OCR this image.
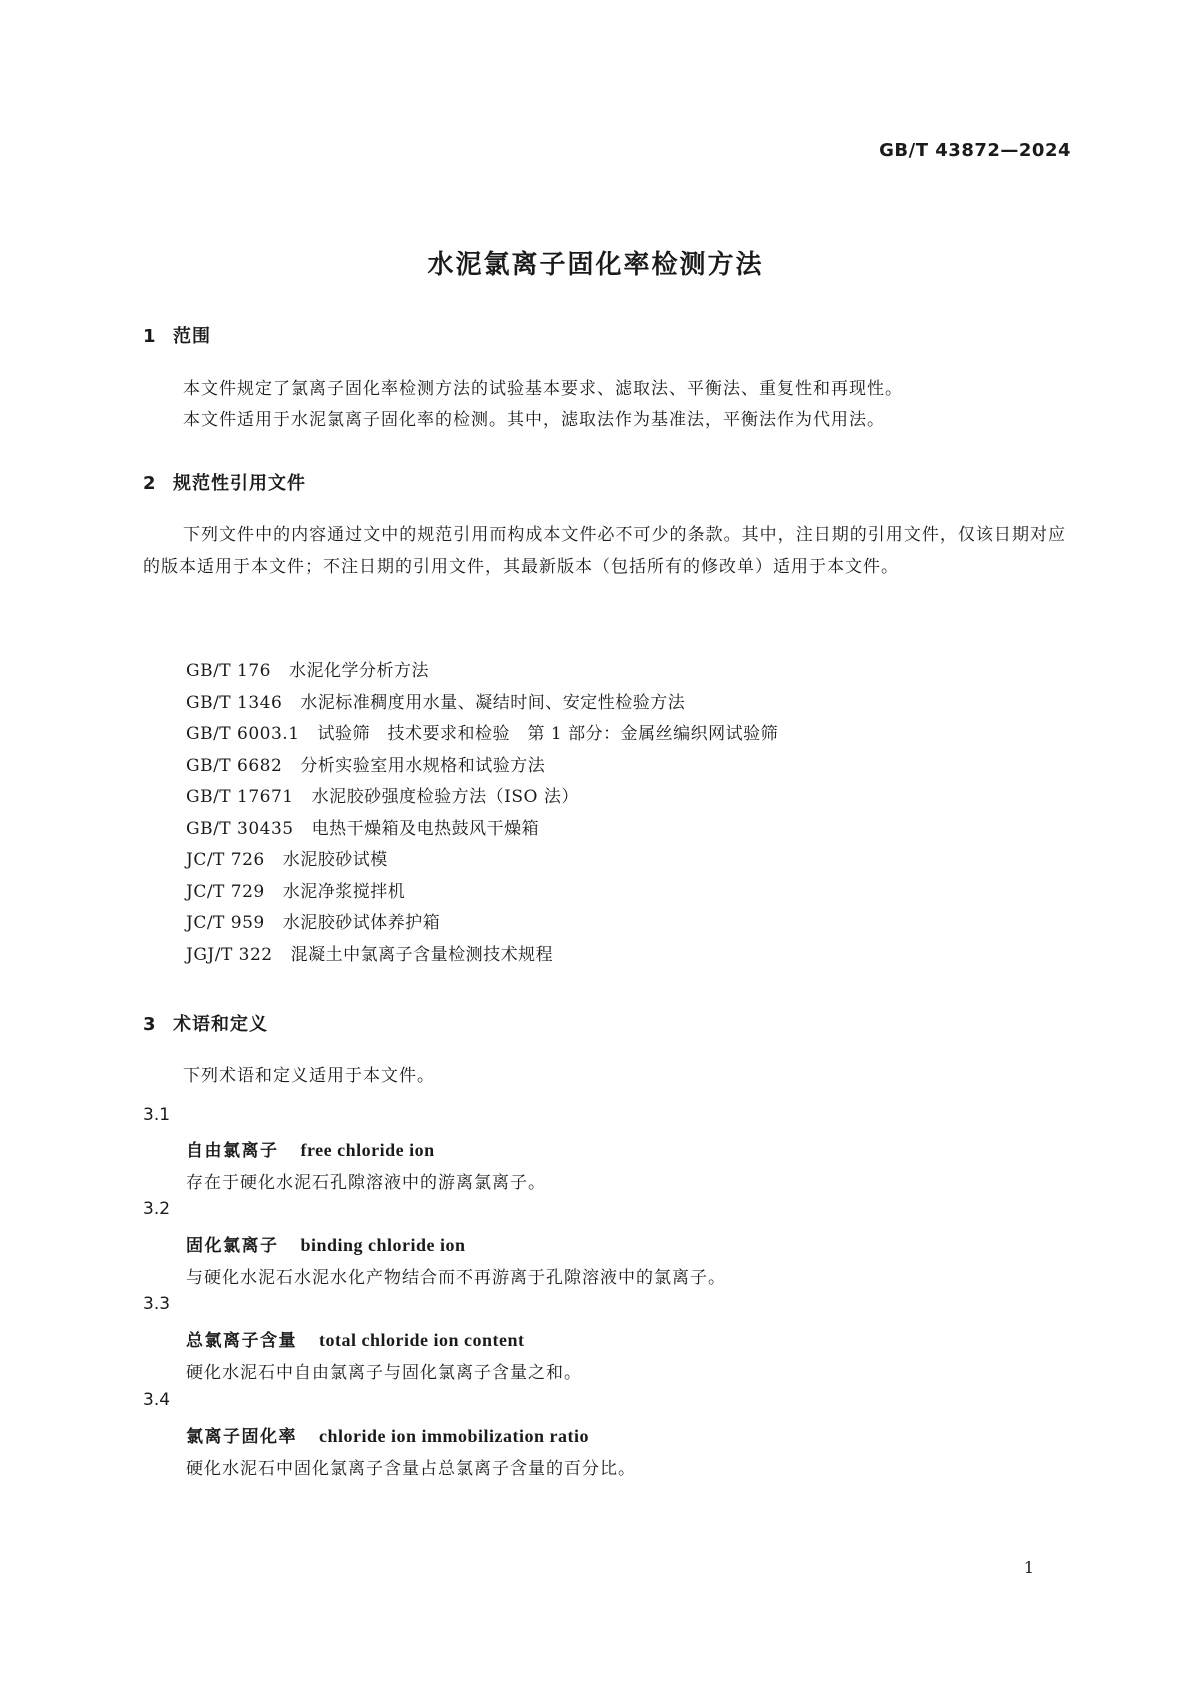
GB/T 43872—2024
水泥氯离子固化率检测方法
1 范围
本文件规定了氯离子固化率检测方法的试验基本要求、滤取法、平衡法、重复性和再现性。
本文件适用于水泥氯离子固化率的检测。其中，滤取法作为基准法，平衡法作为代用法。
2 规范性引用文件
下列文件中的内容通过文中的规范引用而构成本文件必不可少的条款。其中，注日期的引用文件，仅该日期对应的版本适用于本文件；不注日期的引用文件，其最新版本（包括所有的修改单）适用于本文件。
GB/T 176 水泥化学分析方法
GB/T 1346 水泥标准稠度用水量、凝结时间、安定性检验方法
GB/T 6003.1 试验筛　技术要求和检验　第 1 部分：金属丝编织网试验筛
GB/T 6682 分析实验室用水规格和试验方法
GB/T 17671 水泥胶砂强度检验方法（ISO 法）
GB/T 30435 电热干燥箱及电热鼓风干燥箱
JC/T 726 水泥胶砂试模
JC/T 729 水泥净浆搅拌机
JC/T 959 水泥胶砂试体养护箱
JGJ/T 322 混凝土中氯离子含量检测技术规程
3 术语和定义
下列术语和定义适用于本文件。
3.1
自由氯离子 free chloride ion
存在于硬化水泥石孔隙溶液中的游离氯离子。
3.2
固化氯离子 binding chloride ion
与硬化水泥石水泥水化产物结合而不再游离于孔隙溶液中的氯离子。
3.3
总氯离子含量 total chloride ion content
硬化水泥石中自由氯离子与固化氯离子含量之和。
3.4
氯离子固化率 chloride ion immobilization ratio
硬化水泥石中固化氯离子含量占总氯离子含量的百分比。
1
